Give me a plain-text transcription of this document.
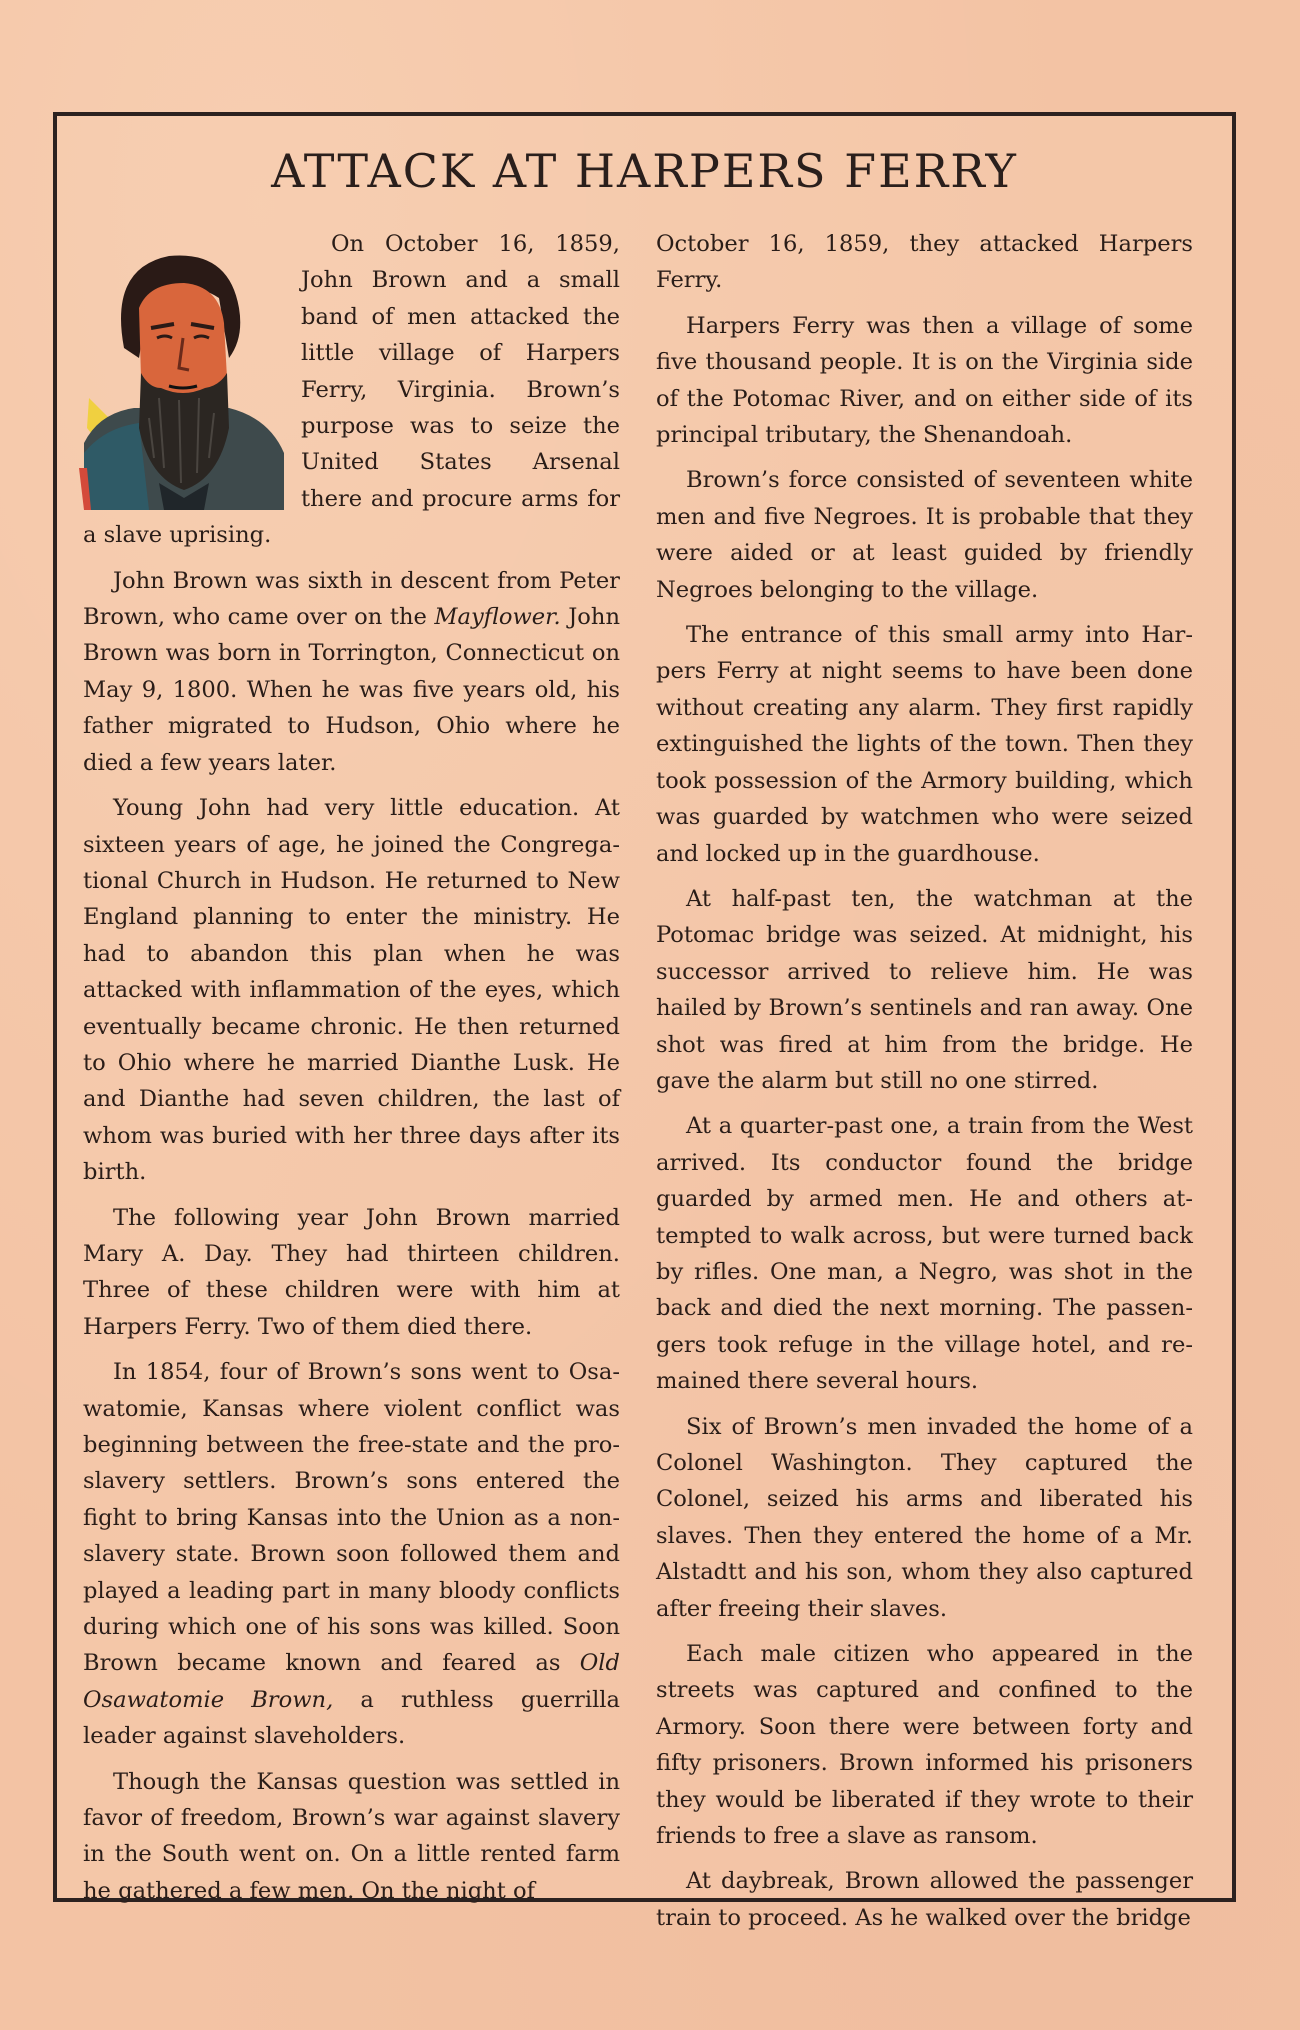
ATTACK AT HARPERS FERRY

On October 16, 1859, John Brown and a small band of men attacked the little village of Harpers Ferry, Virginia. Brown’s purpose was to seize the United States Arsenal there and procure arms for a slave uprising.

John Brown was sixth in descent from Peter Brown, who came over on the Mayflower. John Brown was born in Torrington, Connecticut on May 9, 1800. When he was five years old, his father migrated to Hudson, Ohio where he died a few years later.

Young John had very little education. At sixteen years of age, he joined the Congregational Church in Hudson. He returned to New England planning to enter the ministry. He had to abandon this plan when he was attacked with inflammation of the eyes, which eventually became chronic. He then returned to Ohio where he married Dianthe Lusk. He and Dianthe had seven children, the last of whom was buried with her three days after its birth.

The following year John Brown married Mary A. Day. They had thirteen children. Three of these children were with him at Harpers Ferry. Two of them died there.

In 1854, four of Brown’s sons went to Osawatomie, Kansas where violent conflict was beginning between the free-state and the pro-slavery settlers. Brown’s sons entered the fight to bring Kansas into the Union as a non-slavery state. Brown soon followed them and played a leading part in many bloody conflicts during which one of his sons was killed. Soon Brown became known and feared as Old Osawatomie Brown, a ruthless guerrilla leader against slaveholders.

Though the Kansas question was settled in favor of freedom, Brown’s war against slavery in the South went on. On a little rented farm he gathered a few men. On the night of

October 16, 1859, they attacked Harpers Ferry.

Harpers Ferry was then a village of some five thousand people. It is on the Virginia side of the Potomac River, and on either side of its principal tributary, the Shenandoah.

Brown’s force consisted of seventeen white men and five Negroes. It is probable that they were aided or at least guided by friendly Negroes belonging to the village.

The entrance of this small army into Harpers Ferry at night seems to have been done without creating any alarm. They first rapidly extinguished the lights of the town. Then they took possession of the Armory building, which was guarded by watchmen who were seized and locked up in the guardhouse.

At half-past ten, the watchman at the Potomac bridge was seized. At midnight, his successor arrived to relieve him. He was hailed by Brown’s sentinels and ran away. One shot was fired at him from the bridge. He gave the alarm but still no one stirred.

At a quarter-past one, a train from the West arrived. Its conductor found the bridge guarded by armed men. He and others attempted to walk across, but were turned back by rifles. One man, a Negro, was shot in the back and died the next morning. The passengers took refuge in the village hotel, and remained there several hours.

Six of Brown’s men invaded the home of a Colonel Washington. They captured the Colonel, seized his arms and liberated his slaves. Then they entered the home of a Mr. Alstadtt and his son, whom they also captured after freeing their slaves.

Each male citizen who appeared in the streets was captured and confined to the Armory. Soon there were between forty and fifty prisoners. Brown informed his prisoners they would be liberated if they wrote to their friends to free a slave as ransom.

At daybreak, Brown allowed the passenger train to proceed. As he walked over the bridge
